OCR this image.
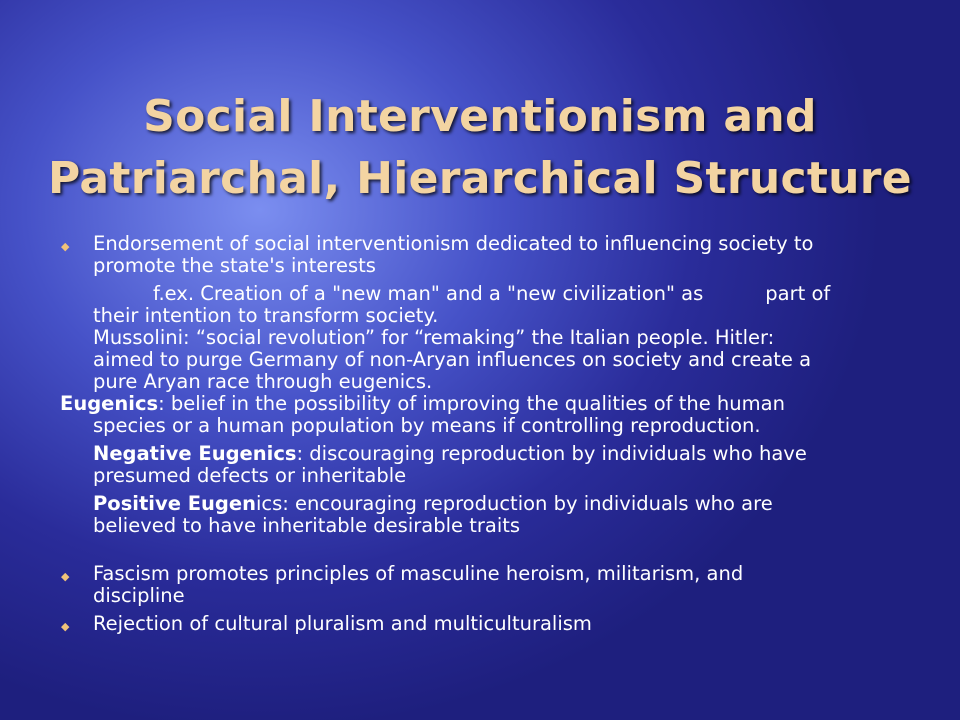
Social Interventionism and
Patriarchal, Hierarchical Structure
◆ Endorsement of social interventionism dedicated to influencing society to
promote the state's interests
f.ex. Creation of a "new man" and a "new civilization" as	part of
their intention to transform society.
Mussolini: “social revolution” for “remaking” the Italian people. Hitler:
aimed to purge Germany of non-Aryan influences on society and create a
pure Aryan race through eugenics.
Eugenics: belief in the possibility of improving the qualities of the human
species or a human population by means if controlling reproduction.
Negative Eugenics: discouraging reproduction by individuals who have
presumed defects or inheritable
Positive Eugenics: encouraging reproduction by individuals who are
believed to have inheritable desirable traits
◆ Fascism promotes principles of masculine heroism, militarism, and
discipline
◆ Rejection of cultural pluralism and multiculturalism
